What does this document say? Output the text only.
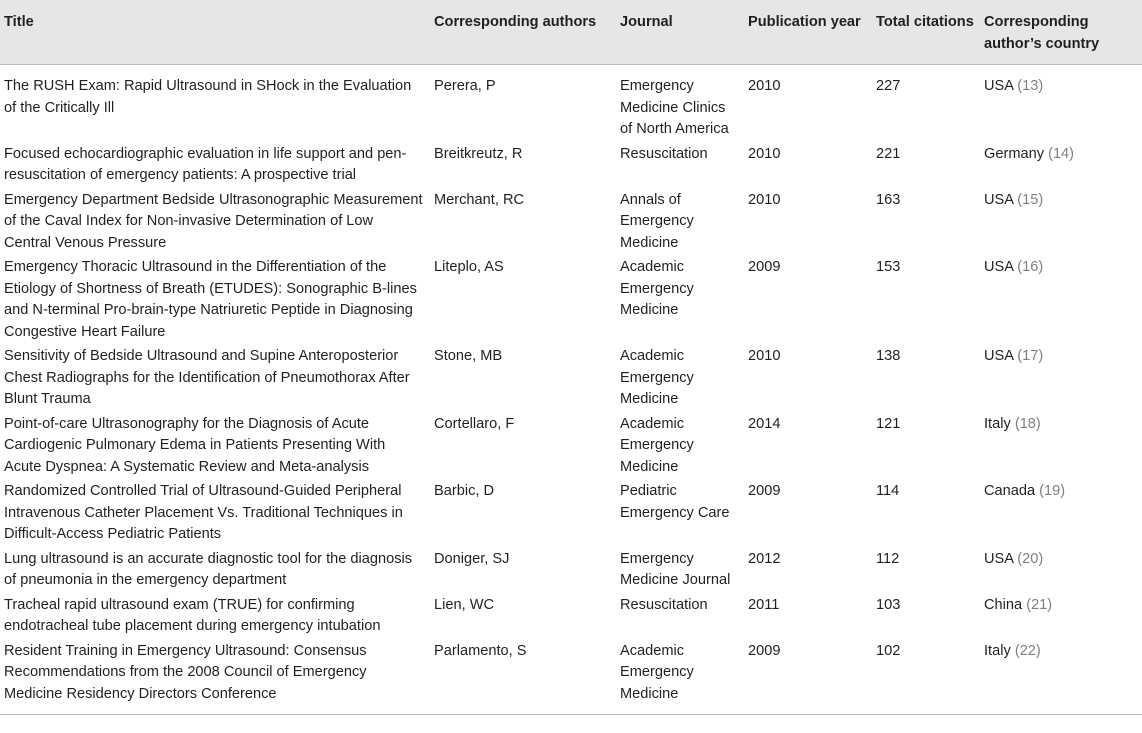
Title	Corresponding authors	Journal	Publication year	Total citations	Corresponding author’s country
The RUSH Exam: Rapid Ultrasound in SHock in the Evaluation of the Critically Ill	Perera, P	Emergency Medicine Clinics of North America	2010	227	USA (13)
Focused echocardiographic evaluation in life support and pen-resuscitation of emergency patients: A prospective trial	Breitkreutz, R	Resuscitation	2010	221	Germany (14)
Emergency Department Bedside Ultrasonographic Measurement of the Caval Index for Non-invasive Determination of Low Central Venous Pressure	Merchant, RC	Annals of Emergency Medicine	2010	163	USA (15)
Emergency Thoracic Ultrasound in the Differentiation of the Etiology of Shortness of Breath (ETUDES): Sonographic B-lines and N-terminal Pro-brain-type Natriuretic Peptide in Diagnosing Congestive Heart Failure	Liteplo, AS	Academic Emergency Medicine	2009	153	USA (16)
Sensitivity of Bedside Ultrasound and Supine Anteroposterior Chest Radiographs for the Identification of Pneumothorax After Blunt Trauma	Stone, MB	Academic Emergency Medicine	2010	138	USA (17)
Point-of-care Ultrasonography for the Diagnosis of Acute Cardiogenic Pulmonary Edema in Patients Presenting With Acute Dyspnea: A Systematic Review and Meta-analysis	Cortellaro, F	Academic Emergency Medicine	2014	121	Italy (18)
Randomized Controlled Trial of Ultrasound-Guided Peripheral Intravenous Catheter Placement Vs. Traditional Techniques in Difficult-Access Pediatric Patients	Barbic, D	Pediatric Emergency Care	2009	114	Canada (19)
Lung ultrasound is an accurate diagnostic tool for the diagnosis of pneumonia in the emergency department	Doniger, SJ	Emergency Medicine Journal	2012	112	USA (20)
Tracheal rapid ultrasound exam (TRUE) for confirming endotracheal tube placement during emergency intubation	Lien, WC	Resuscitation	2011	103	China (21)
Resident Training in Emergency Ultrasound: Consensus Recommendations from the 2008 Council of Emergency Medicine Residency Directors Conference	Parlamento, S	Academic Emergency Medicine	2009	102	Italy (22)
